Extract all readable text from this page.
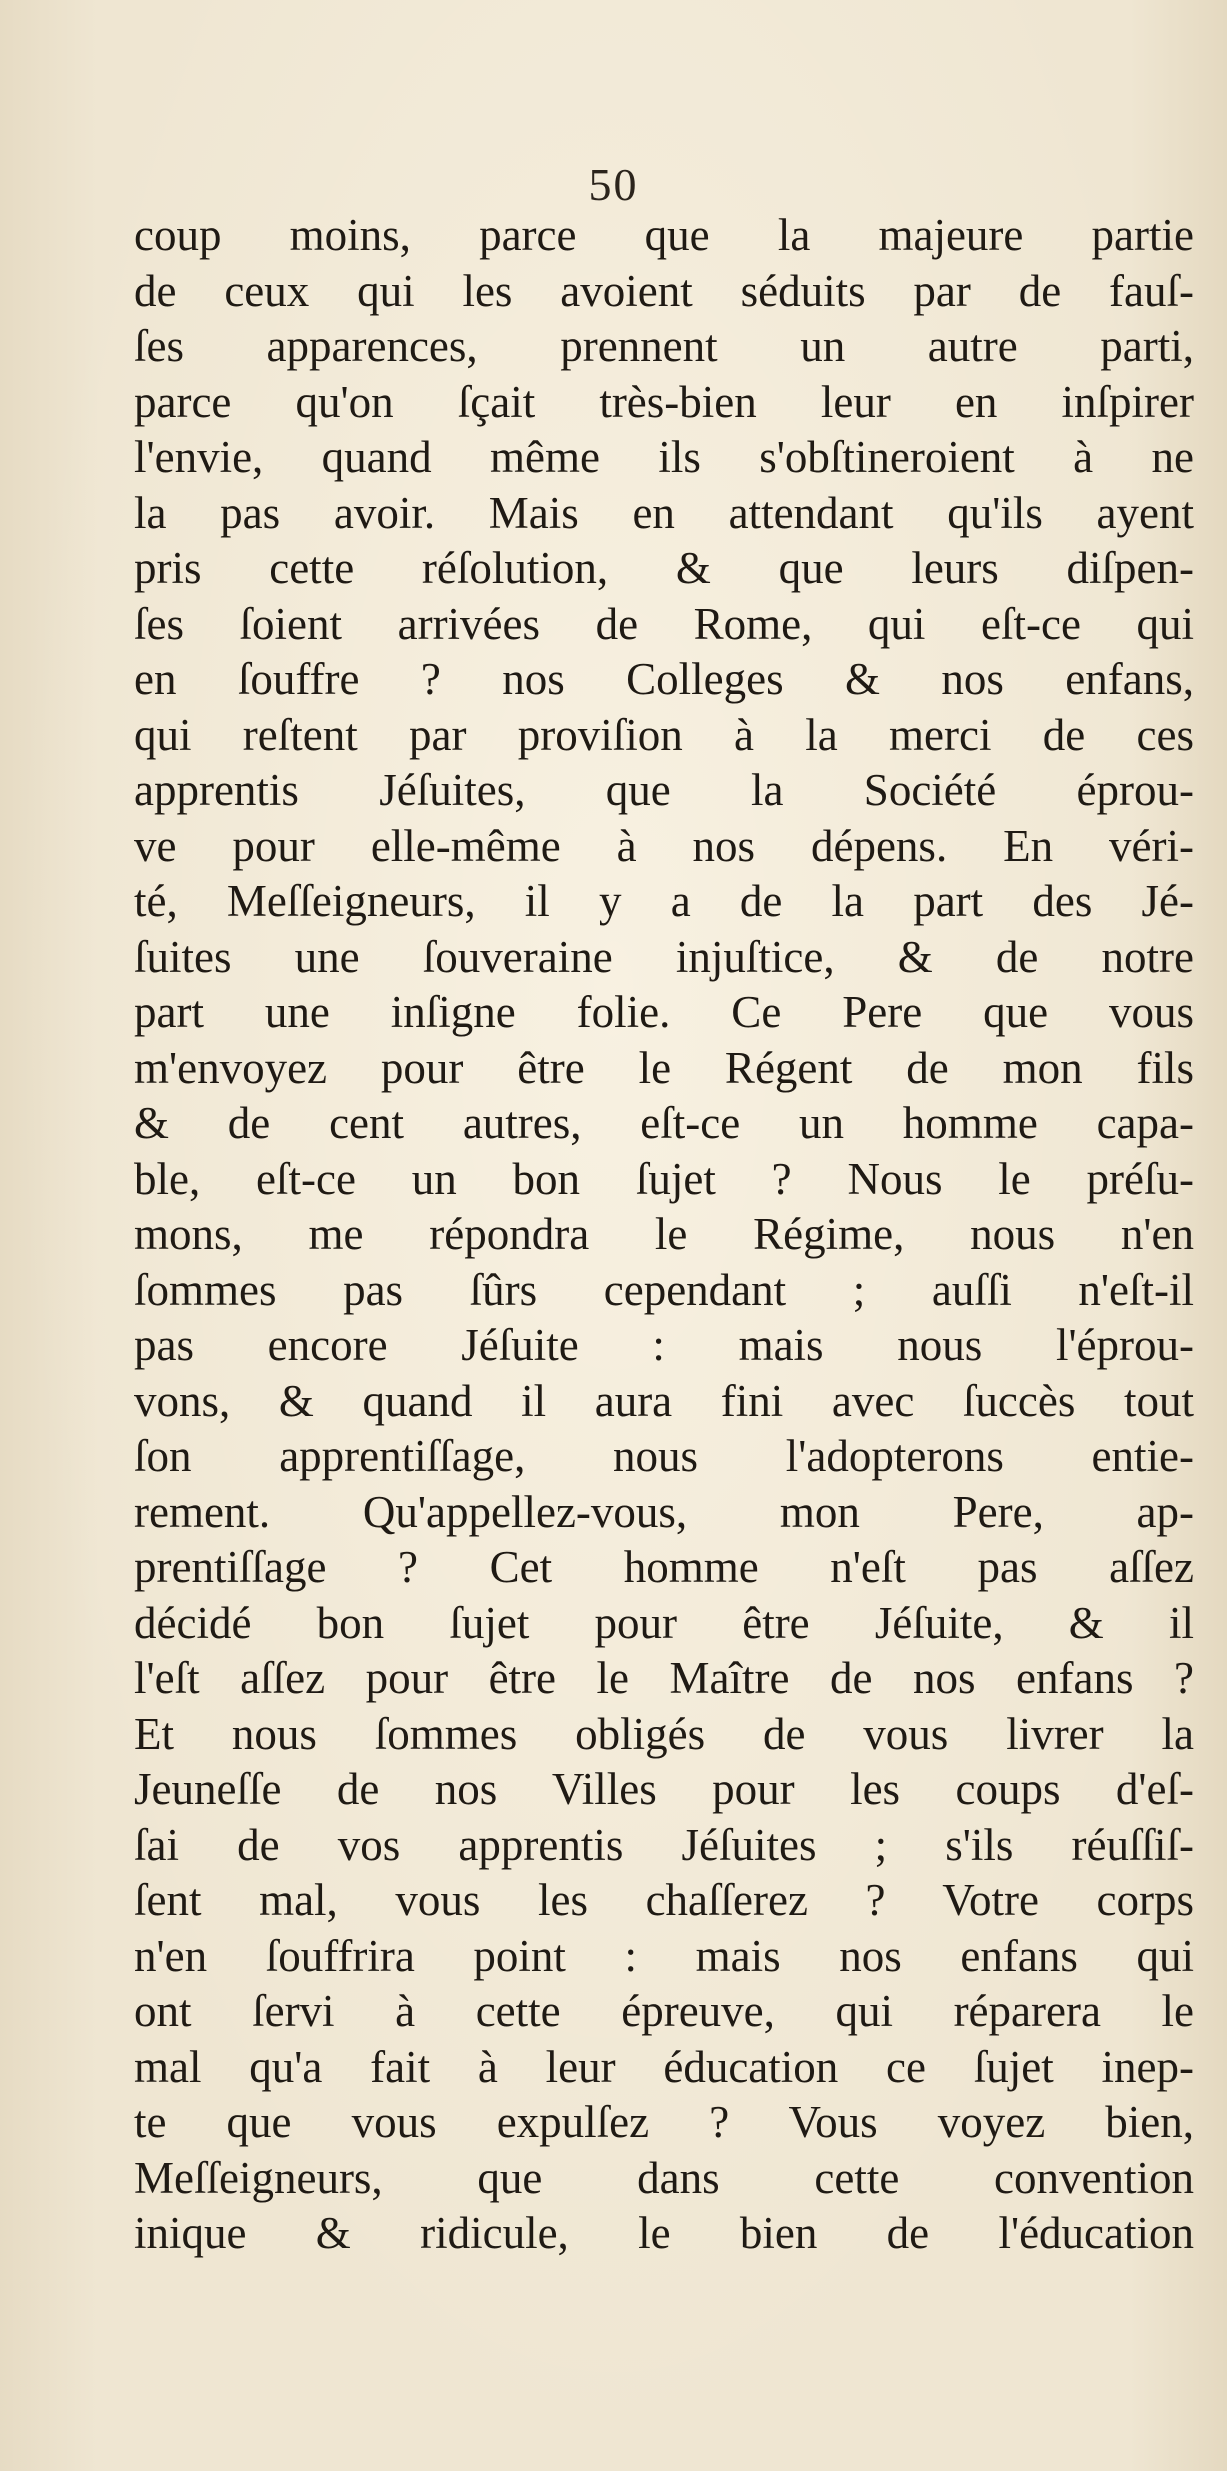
50
coup moins, parce que la majeure partie
de ceux qui les avoient séduits par de fauſ-
ſes apparences, prennent un autre parti,
parce qu'on ſçait très-bien leur en inſpirer
l'envie, quand même ils s'obſtineroient à ne
la pas avoir. Mais en attendant qu'ils ayent
pris cette réſolution, & que leurs diſpen-
ſes ſoient arrivées de Rome, qui eſt-ce qui
en ſouffre ? nos Colleges & nos enfans,
qui reſtent par proviſion à la merci de ces
apprentis Jéſuites, que la Société éprou-
ve pour elle-même à nos dépens. En véri-
té, Meſſeigneurs, il y a de la part des Jé-
ſuites une ſouveraine injuſtice, & de notre
part une inſigne folie. Ce Pere que vous
m'envoyez pour être le Régent de mon fils
& de cent autres, eſt-ce un homme capa-
ble, eſt-ce un bon ſujet ? Nous le préſu-
mons, me répondra le Régime, nous n'en
ſommes pas ſûrs cependant ; auſſi n'eſt-il
pas encore Jéſuite : mais nous l'éprou-
vons, & quand il aura fini avec ſuccès tout
ſon apprentiſſage, nous l'adopterons entie-
rement. Qu'appellez-vous, mon Pere, ap-
prentiſſage ? Cet homme n'eſt pas aſſez
décidé bon ſujet pour être Jéſuite, & il
l'eſt aſſez pour être le Maître de nos enfans ?
Et nous ſommes obligés de vous livrer la
Jeuneſſe de nos Villes pour les coups d'eſ-
ſai de vos apprentis Jéſuites ; s'ils réuſſiſ-
ſent mal, vous les chaſſerez ? Votre corps
n'en ſouffrira point : mais nos enfans qui
ont ſervi à cette épreuve, qui réparera le
mal qu'a fait à leur éducation ce ſujet inep-
te que vous expulſez ? Vous voyez bien,
Meſſeigneurs, que dans cette convention
inique & ridicule, le bien de l'éducation
